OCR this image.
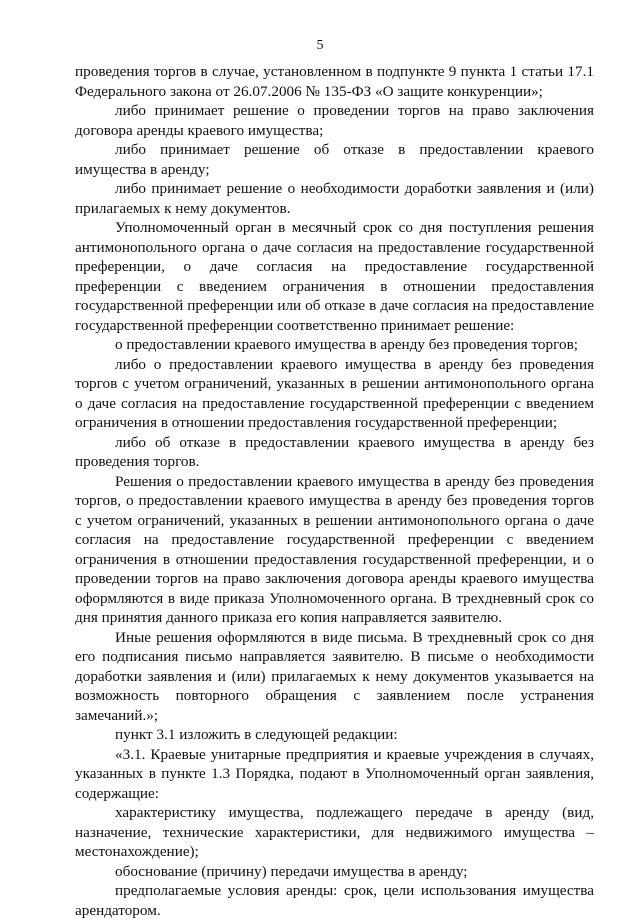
5

проведения торгов в случае, установленном в подпункте 9 пункта 1 статьи 17.1 Федерального закона от 26.07.2006 № 135-ФЗ «О защите конкуренции»;

либо принимает решение о проведении торгов на право заключения договора аренды краевого имущества;

либо принимает решение об отказе в предоставлении краевого имущества в аренду;

либо принимает решение о необходимости доработки заявления и (или) прилагаемых к нему документов.

Уполномоченный орган в месячный срок со дня поступления решения антимонопольного органа о даче согласия на предоставление государственной преференции, о даче согласия на предоставление государственной преференции с введением ограничения в отношении предоставления государственной преференции или об отказе в даче согласия на предоставление государственной преференции соответственно принимает решение:

о предоставлении краевого имущества в аренду без проведения торгов;

либо о предоставлении краевого имущества в аренду без проведения торгов с учетом ограничений, указанных в решении антимонопольного органа о даче согласия на предоставление государственной преференции с введением ограничения в отношении предоставления государственной преференции;

либо об отказе в предоставлении краевого имущества в аренду без проведения торгов.

Решения о предоставлении краевого имущества в аренду без проведения торгов, о предоставлении краевого имущества в аренду без проведения торгов с учетом ограничений, указанных в решении антимонопольного органа о даче согласия на предоставление государственной преференции с введением ограничения в отношении предоставления государственной преференции, и о проведении торгов на право заключения договора аренды краевого имущества оформляются в виде приказа Уполномоченного органа. В трехдневный срок со дня принятия данного приказа его копия направляется заявителю.

Иные решения оформляются в виде письма. В трехдневный срок со дня его подписания письмо направляется заявителю. В письме о необходимости доработки заявления и (или) прилагаемых к нему документов указывается на возможность повторного обращения с заявлением после устранения замечаний.»;

пункт 3.1 изложить в следующей редакции:

«3.1. Краевые унитарные предприятия и краевые учреждения в случаях, указанных в пункте 1.3 Порядка, подают в Уполномоченный орган заявления, содержащие:

характеристику имущества, подлежащего передаче в аренду (вид, назначение, технические характеристики, для недвижимого имущества – местонахождение);

обоснование (причину) передачи имущества в аренду;

предполагаемые условия аренды: срок, цели использования имущества арендатором.
